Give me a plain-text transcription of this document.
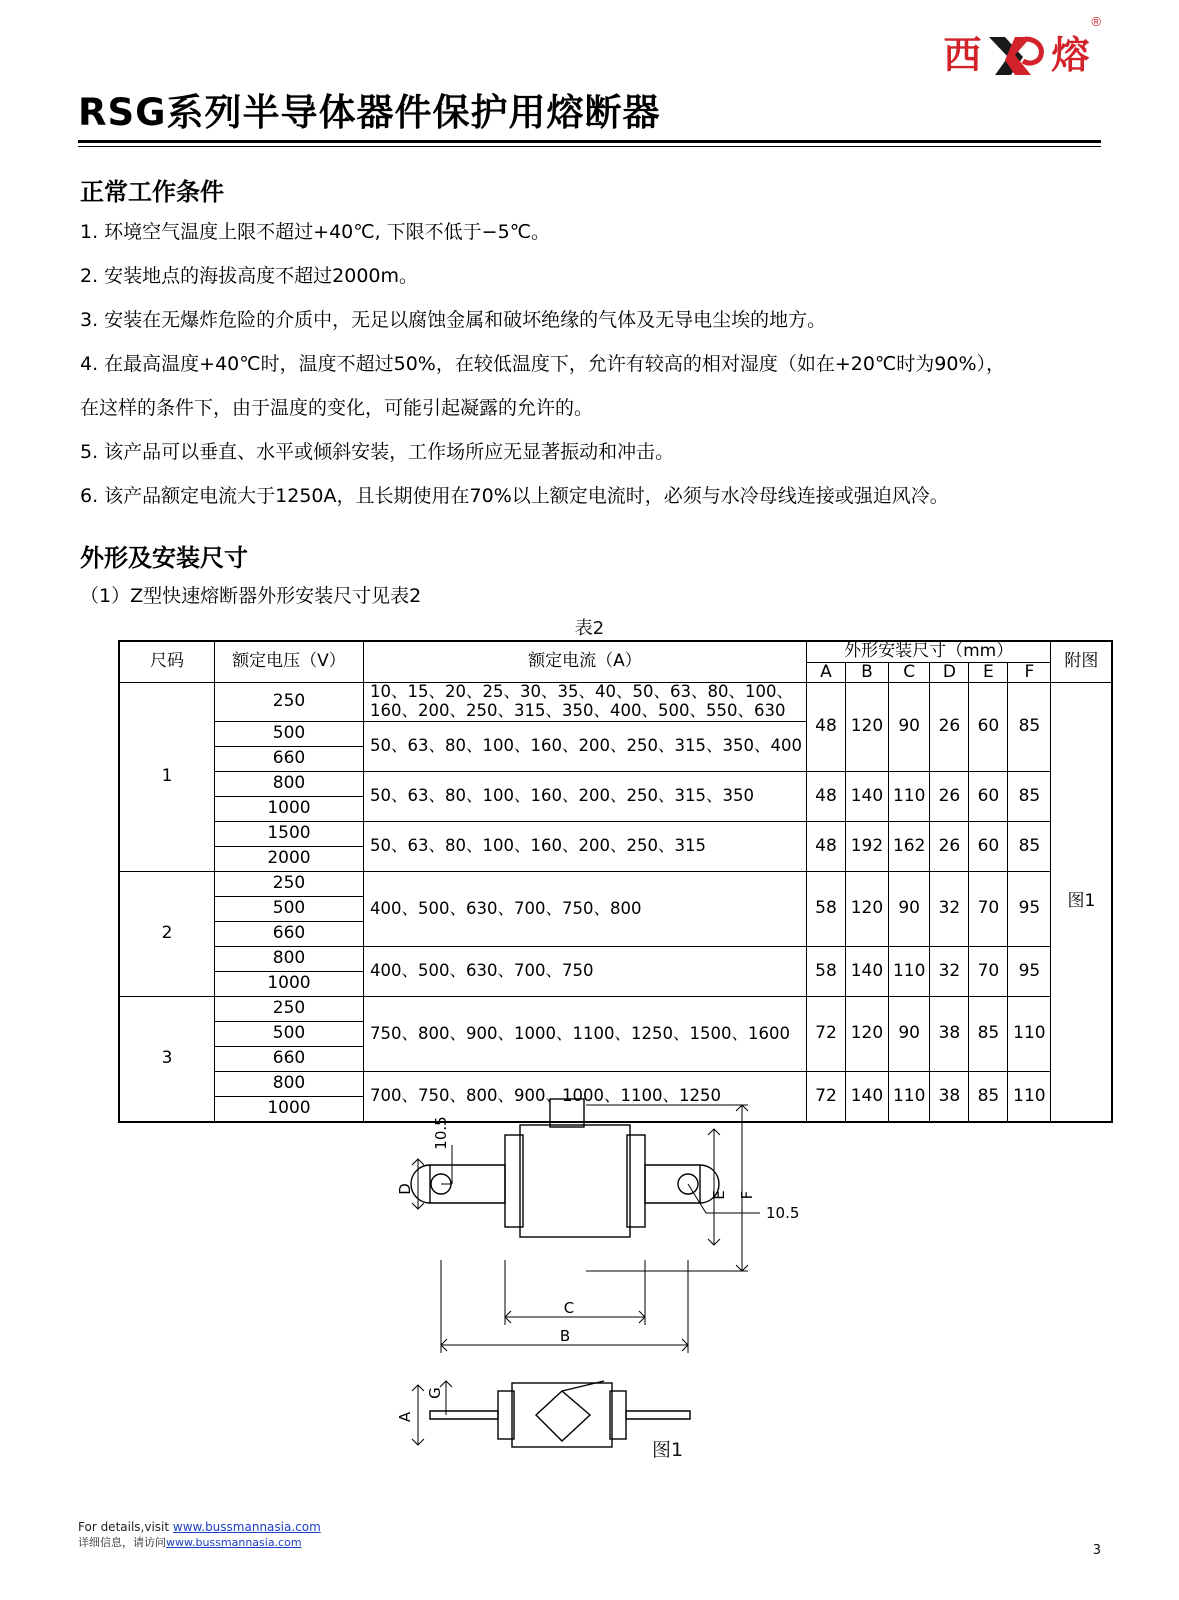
西 熔
®
RSG系列半导体器件保护用熔断器
正常工作条件
1. 环境空气温度上限不超过+40℃, 下限不低于−5℃。
2. 安装地点的海拔高度不超过2000m。
3. 安装在无爆炸危险的介质中，无足以腐蚀金属和破坏绝缘的气体及无导电尘埃的地方。
4. 在最高温度+40℃时，温度不超过50%，在较低温度下，允许有较高的相对湿度（如在+20℃时为90%），
在这样的条件下，由于温度的变化，可能引起凝露的允许的。
5. 该产品可以垂直、水平或倾斜安装，工作场所应无显著振动和冲击。
6. 该产品额定电流大于1250A，且长期使用在70%以上额定电流时，必须与水冷母线连接或强迫风冷。
外形及安装尺寸
（1）Z型快速熔断器外形安装尺寸见表2
表2
尺码	额定电压（V）	额定电流（A）	外形安装尺寸（mm）						附图
			A	B	C	D	E	F	
1	250	10、15、20、25、30、35、40、50、63、80、100、
160、200、250、315、350、400、500、550、630	48	120	90	26	60	85	图1
	500	50、63、80、100、160、200、250、315、350、400							
	660								
	800	50、63、80、100、160、200、250、315、350	48	140	110	26	60	85	
	1000								
	1500	50、63、80、100、160、200、250、315	48	192	162	26	60	85	
	2000								
2	250	400、500、630、700、750、800	58	120	90	32	70	95	
	500								
	660								
	800	400、500、630、700、750	58	140	110	32	70	95	
	1000								
3	250	750、800、900、1000、1100、1250、1500、1600	72	120	90	38	85	110	
	500								
	660								
	800	700、750、800、900、1000、1100、1250	72	140	110	38	85	110	
	1000								
F
E
D
10.5
10.5
C
B
A
G
图1
For details,visit www.bussmannasia.com
详细信息，请访问www.bussmannasia.com
3
